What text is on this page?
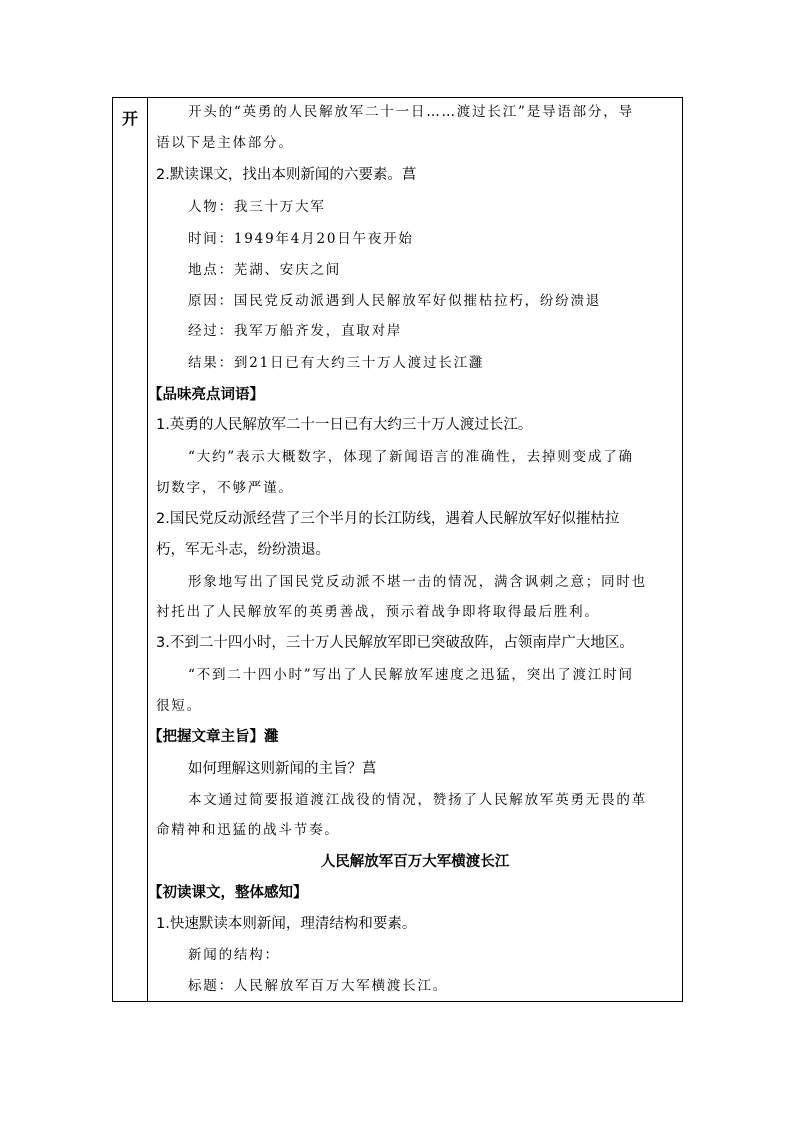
开	开头的“英勇的人民解放军二十一日……渡过长江”是导语部分，导
语以下是主体部分。
2.默读课文，找出本则新闻的六要素。菖
人物：我三十万大军
时间：1949年4月20日午夜开始
地点：芜湖、安庆之间
原因：国民党反动派遇到人民解放军好似摧枯拉朽，纷纷溃退
经过：我军万船齐发，直取对岸
结果：到21日已有大约三十万人渡过长江灉
【品味亮点词语】
1.英勇的人民解放军二十一日已有大约三十万人渡过长江。
“大约”表示大概数字，体现了新闻语言的准确性，去掉则变成了确
切数字，不够严谨。
2.国民党反动派经营了三个半月的长江防线，遇着人民解放军好似摧枯拉
朽，军无斗志，纷纷溃退。
形象地写出了国民党反动派不堪一击的情况，满含讽刺之意；同时也
衬托出了人民解放军的英勇善战，预示着战争即将取得最后胜利。
3.不到二十四小时，三十万人民解放军即已突破敌阵，占领南岸广大地区。
“不到二十四小时”写出了人民解放军速度之迅猛，突出了渡江时间
很短。
【把握文章主旨】灉
如何理解这则新闻的主旨？菖
本文通过简要报道渡江战役的情况，赞扬了人民解放军英勇无畏的革
命精神和迅猛的战斗节奏。
人民解放军百万大军横渡长江
【初读课文，整体感知】
1.快速默读本则新闻，理清结构和要素。
新闻的结构：
标题：人民解放军百万大军横渡长江。
